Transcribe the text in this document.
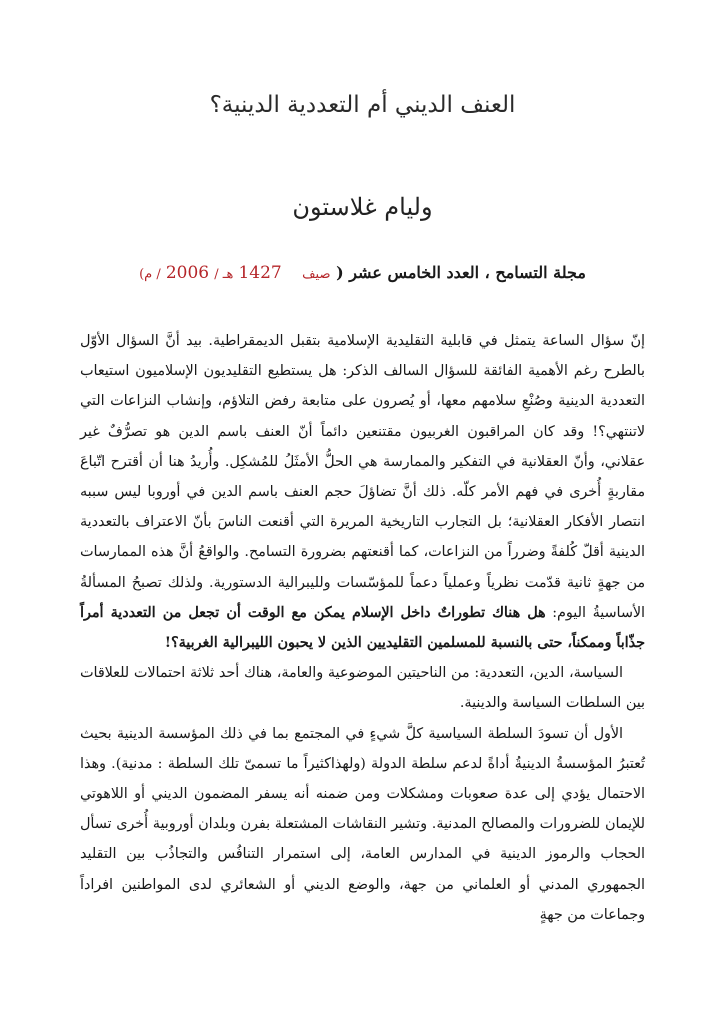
العنف الديني أم التعددية الدينية؟
وليام غلاستون
مجلة التسامح ، العدد الخامس عشر ( صيف    1427 هـ / 2006 / م)

إنّ سؤال الساعة يتمثل في قابلية التقليدية الإسلامية بتقبل الديمقراطية. بيد أنَّ السؤال الأوّل بالطرح رغم الأهمية الفائقة للسؤال السالف الذكر: هل يستطيع التقليديون الإسلاميون استيعاب التعددية الدينية وصُنْعِ سلامهم معها، أو يُصرون على متابعة رفض التلاؤم، وإنشاب النزاعات التي لاتنتهي؟! وقد كان المراقبون الغربيون مقتنعين دائماً أنّ العنف باسم الدين هو تصرُّفٌ غير عقلاني، وأنّ العقلانية في التفكير والممارسة هي الحلُّ الأمثَلُ للمُشكِل. وأُريدُ هنا أن أقترح اتّباعَ مقاربةٍ أُخرى في فهم الأمر كلّه. ذلك أنَّ تضاؤلَ حجم العنف باسم الدين في أوروبا ليس سببه انتصار الأفكار العقلانية؛ بل التجارب التاريخية المريرة التي أقنعت الناسَ بأنّ الاعتراف بالتعددية الدينية أقلّ كُلفةً وضرراً من النزاعات، كما أقنعتهم بضرورة التسامح. والواقعُ أنَّ هذه الممارسات من جهةٍ ثانية قدّمت نظرياً وعملياً دعماً للمؤسّسات ولليبرالية الدستورية. ولذلك تصبحُ المسألةُ الأساسيةُ اليوم: هل هناك تطوراتٌ داخل الإسلام يمكن مع الوقت أن تجعل من التعددية أمراً جذّاباً وممكناً، حتى بالنسبة للمسلمين التقليديين الذين لا يحبون الليبرالية الغربية؟!

السياسة، الدين، التعددية: من الناحيتين الموضوعية والعامة، هناك أحد ثلاثة احتمالات للعلاقات بين السلطات السياسة والدينية.

الأول أن تسودَ السلطة السياسية كلَّ شيءٍ في المجتمع بما في ذلك المؤسسة الدينية بحيث تُعتبرُ المؤسسةُ الدينيةُ أداةً لدعم سلطة الدولة (ولهذاكثيراً ما تسمىّ تلك السلطة : مدنية). وهذا الاحتمال يؤدي إلى عدة صعوبات ومشكلات ومن ضمنه أنه يسفر المضمون الديني أو اللاهوتي للإيمان للضرورات والمصالح المدنية. وتشير النقاشات المشتعلة بفرن وبلدان أوروبية أُخرى تسأل الحجاب والرموز الدينية في المدارس العامة، إلى استمرار التنافُس والتجاذُب بين التقليد الجمهوري المدني أو العلماني من جهة، والوضع الديني أو الشعائري لدى المواطنين افراداً وجماعات من جهةٍ
